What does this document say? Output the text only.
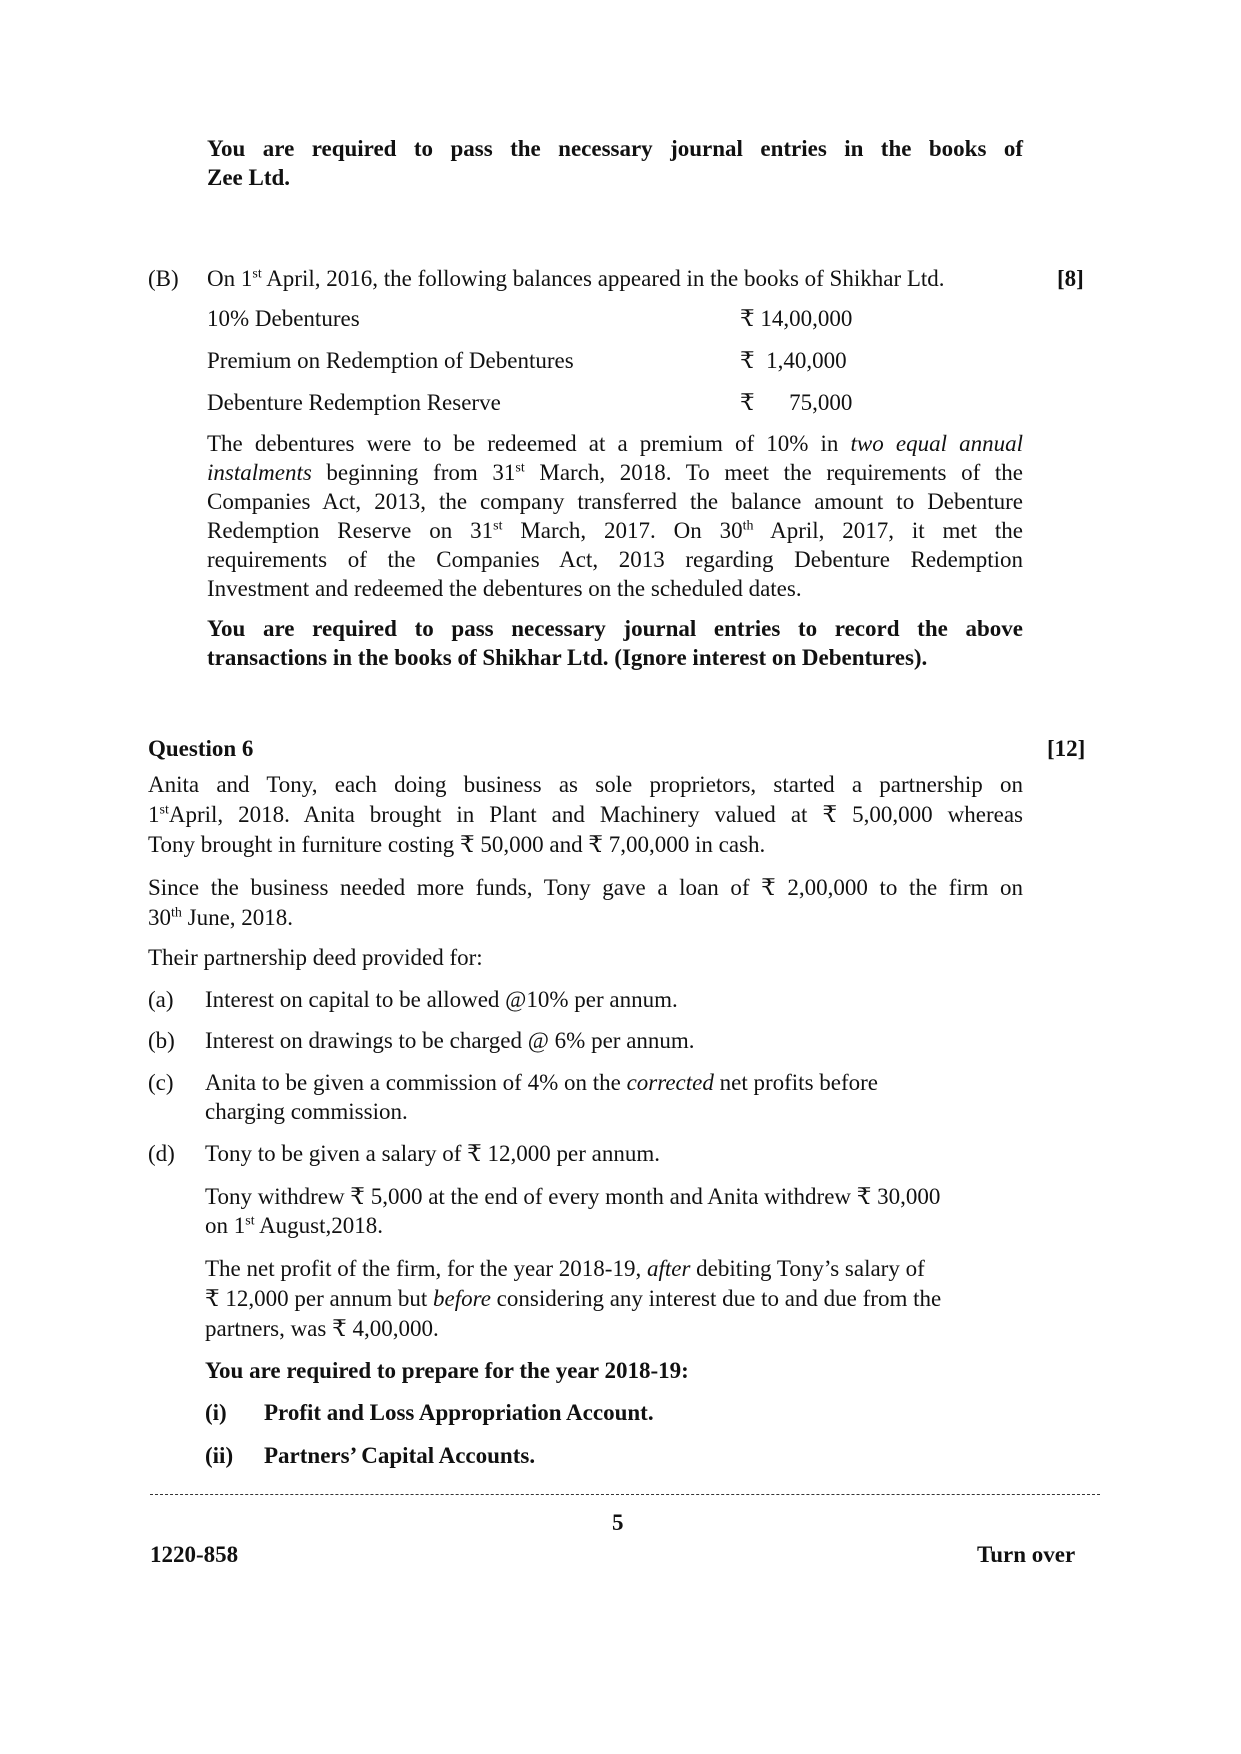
You are required to pass the necessary journal entries in the books of
Zee Ltd.
(B) On 1st April, 2016, the following balances appeared in the books of Shikhar Ltd.	[8]
10% Debentures	₹ 14,00,000
Premium on Redemption of Debentures	₹  1,40,000
Debenture Redemption Reserve	₹      75,000
The debentures were to be redeemed at a premium of 10% in two equal annual
instalments beginning from 31st March, 2018. To meet the requirements of the
Companies Act, 2013, the company transferred the balance amount to Debenture
Redemption Reserve on 31st March, 2017. On 30th April, 2017, it met the
requirements of the Companies Act, 2013 regarding Debenture Redemption
Investment and redeemed the debentures on the scheduled dates.
You are required to pass necessary journal entries to record the above
transactions in the books of Shikhar Ltd. (Ignore interest on Debentures).
Question 6	[12]
Anita and Tony, each doing business as sole proprietors, started a partnership on
1stApril, 2018. Anita brought in Plant and Machinery valued at ₹ 5,00,000 whereas
Tony brought in furniture costing ₹ 50,000 and ₹ 7,00,000 in cash.
Since the business needed more funds, Tony gave a loan of ₹ 2,00,000 to the firm on
30th June, 2018.
Their partnership deed provided for:
(a) Interest on capital to be allowed @10% per annum.
(b) Interest on drawings to be charged @ 6% per annum.
(c) Anita to be given a commission of 4% on the corrected net profits before
charging commission.
(d) Tony to be given a salary of ₹ 12,000 per annum.
Tony withdrew ₹ 5,000 at the end of every month and Anita withdrew ₹ 30,000
on 1st August,2018.
The net profit of the firm, for the year 2018-19, after debiting Tony’s salary of
₹ 12,000 per annum but before considering any interest due to and due from the
partners, was ₹ 4,00,000.
You are required to prepare for the year 2018-19:
(i) Profit and Loss Appropriation Account.
(ii) Partners’ Capital Accounts.
5
1220-858	Turn over
